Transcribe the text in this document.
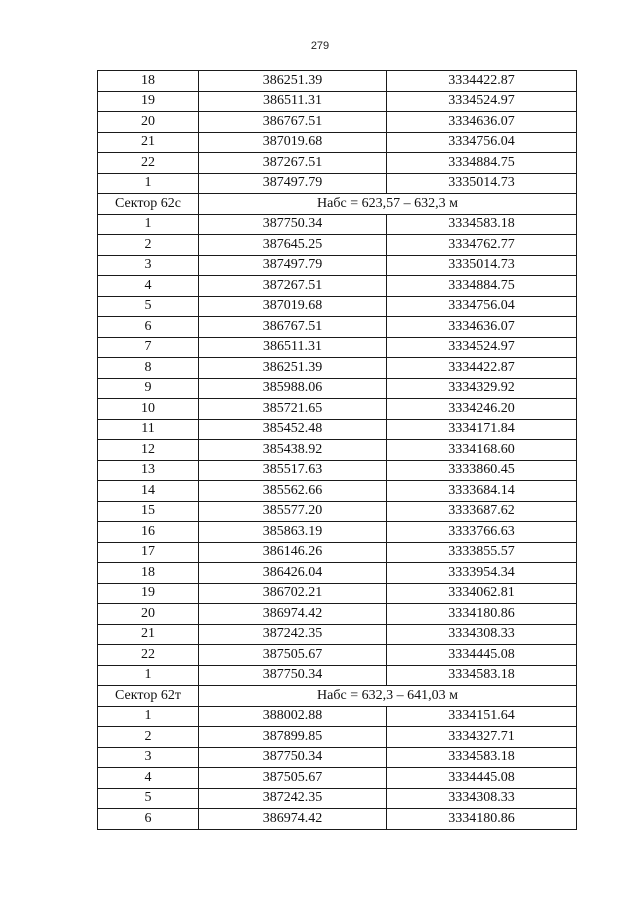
279
18	386251.39	3334422.87
19	386511.31	3334524.97
20	386767.51	3334636.07
21	387019.68	3334756.04
22	387267.51	3334884.75
1	387497.79	3335014.73
Сектор 62с	Набс = 623,57 – 632,3 м	
1	387750.34	3334583.18
2	387645.25	3334762.77
3	387497.79	3335014.73
4	387267.51	3334884.75
5	387019.68	3334756.04
6	386767.51	3334636.07
7	386511.31	3334524.97
8	386251.39	3334422.87
9	385988.06	3334329.92
10	385721.65	3334246.20
11	385452.48	3334171.84
12	385438.92	3334168.60
13	385517.63	3333860.45
14	385562.66	3333684.14
15	385577.20	3333687.62
16	385863.19	3333766.63
17	386146.26	3333855.57
18	386426.04	3333954.34
19	386702.21	3334062.81
20	386974.42	3334180.86
21	387242.35	3334308.33
22	387505.67	3334445.08
1	387750.34	3334583.18
Сектор 62т	Набс = 632,3 – 641,03 м	
1	388002.88	3334151.64
2	387899.85	3334327.71
3	387750.34	3334583.18
4	387505.67	3334445.08
5	387242.35	3334308.33
6	386974.42	3334180.86
